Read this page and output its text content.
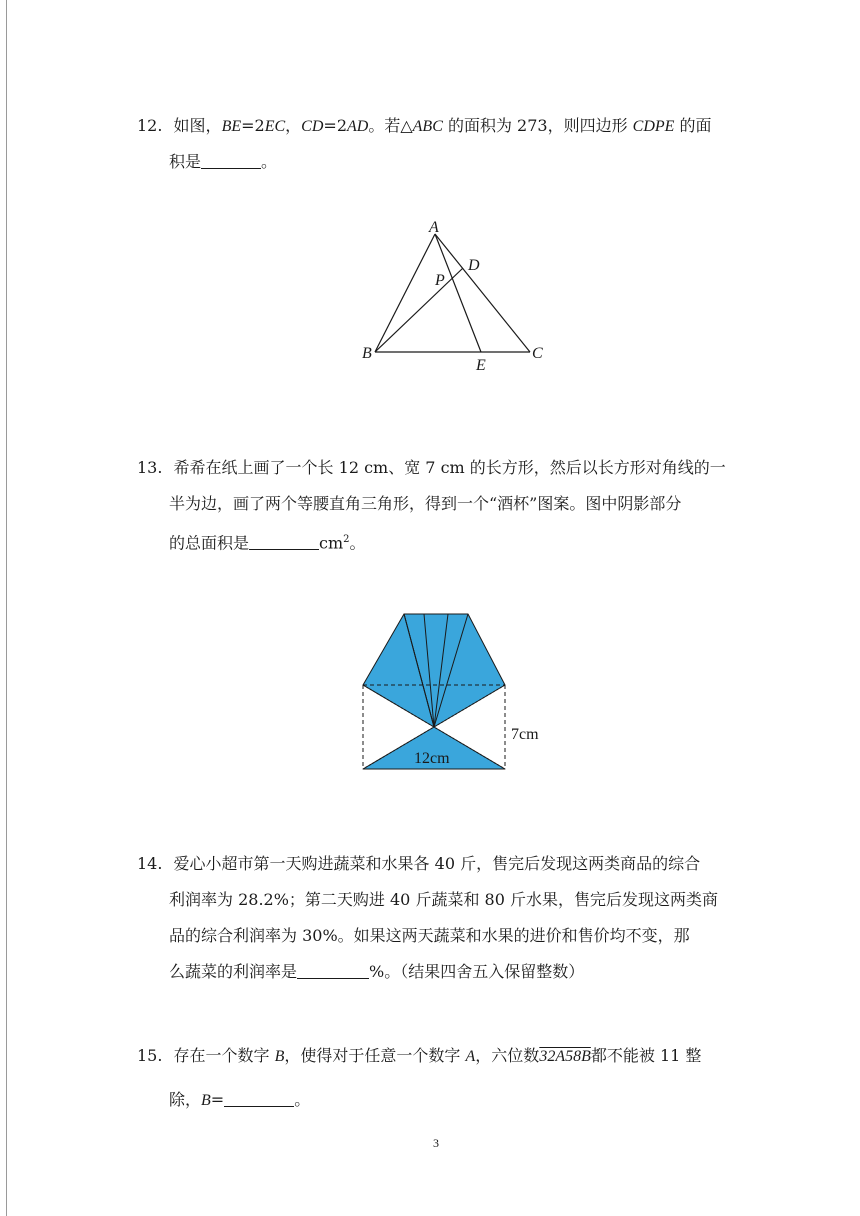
12. 如图，BE=2EC，CD=2AD。若△ABC 的面积为 273，则四边形 CDPE 的面
积是	。
A
D
P
B
E
C
13. 希希在纸上画了一个长 12 cm、宽 7 cm 的长方形，然后以长方形对角线的一
半为边，画了两个等腰直角三角形，得到一个“酒杯”图案。图中阴影部分
的总面积是	$cm^2$。
12cm
7cm
14. 爱心小超市第一天购进蔬菜和水果各 40 斤，售完后发现这两类商品的综合
利润率为 28.2%；第二天购进 40 斤蔬菜和 80 斤水果，售完后发现这两类商
品的综合利润率为 30%。如果这两天蔬菜和水果的进价和售价均不变，那
么蔬菜的利润率是	%。（结果四舍五入保留整数）
15. 存在一个数字 B，使得对于任意一个数字 A，六位数32A58B都不能被 11 整
除，B=	。
3
